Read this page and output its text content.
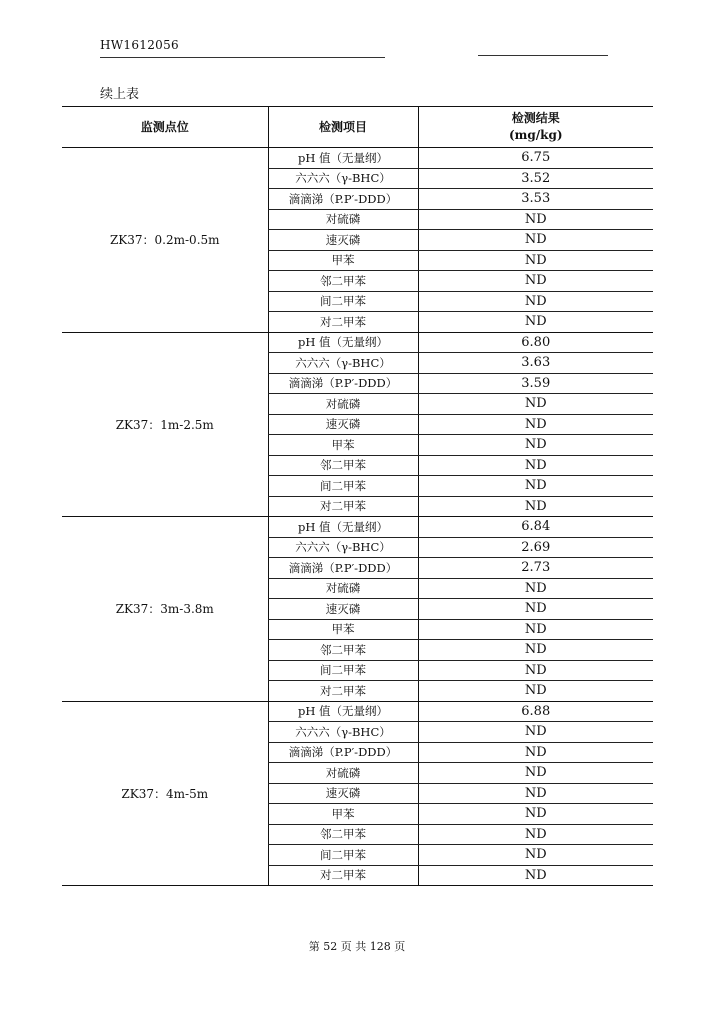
HW1612056
续上表
监测点位	检测项目	检测结果
(mg/kg)

ZK37：0.2m-0.5m	pH 值（无量纲）	6.75
	六六六（γ-BHC）	3.52
	滴滴涕（P.P′-DDD）	3.53
	对硫磷	ND
	速灭磷	ND
	甲苯	ND
	邻二甲苯	ND
	间二甲苯	ND
	对二甲苯	ND
ZK37：1m-2.5m	pH 值（无量纲）	6.80
	六六六（γ-BHC）	3.63
	滴滴涕（P.P′-DDD）	3.59
	对硫磷	ND
	速灭磷	ND
	甲苯	ND
	邻二甲苯	ND
	间二甲苯	ND
	对二甲苯	ND
ZK37：3m-3.8m	pH 值（无量纲）	6.84
	六六六（γ-BHC）	2.69
	滴滴涕（P.P′-DDD）	2.73
	对硫磷	ND
	速灭磷	ND
	甲苯	ND
	邻二甲苯	ND
	间二甲苯	ND
	对二甲苯	ND
ZK37：4m-5m	pH 值（无量纲）	6.88
	六六六（γ-BHC）	ND
	滴滴涕（P.P′-DDD）	ND
	对硫磷	ND
	速灭磷	ND
	甲苯	ND
	邻二甲苯	ND
	间二甲苯	ND
	对二甲苯	ND
第 52 页 共 128 页
